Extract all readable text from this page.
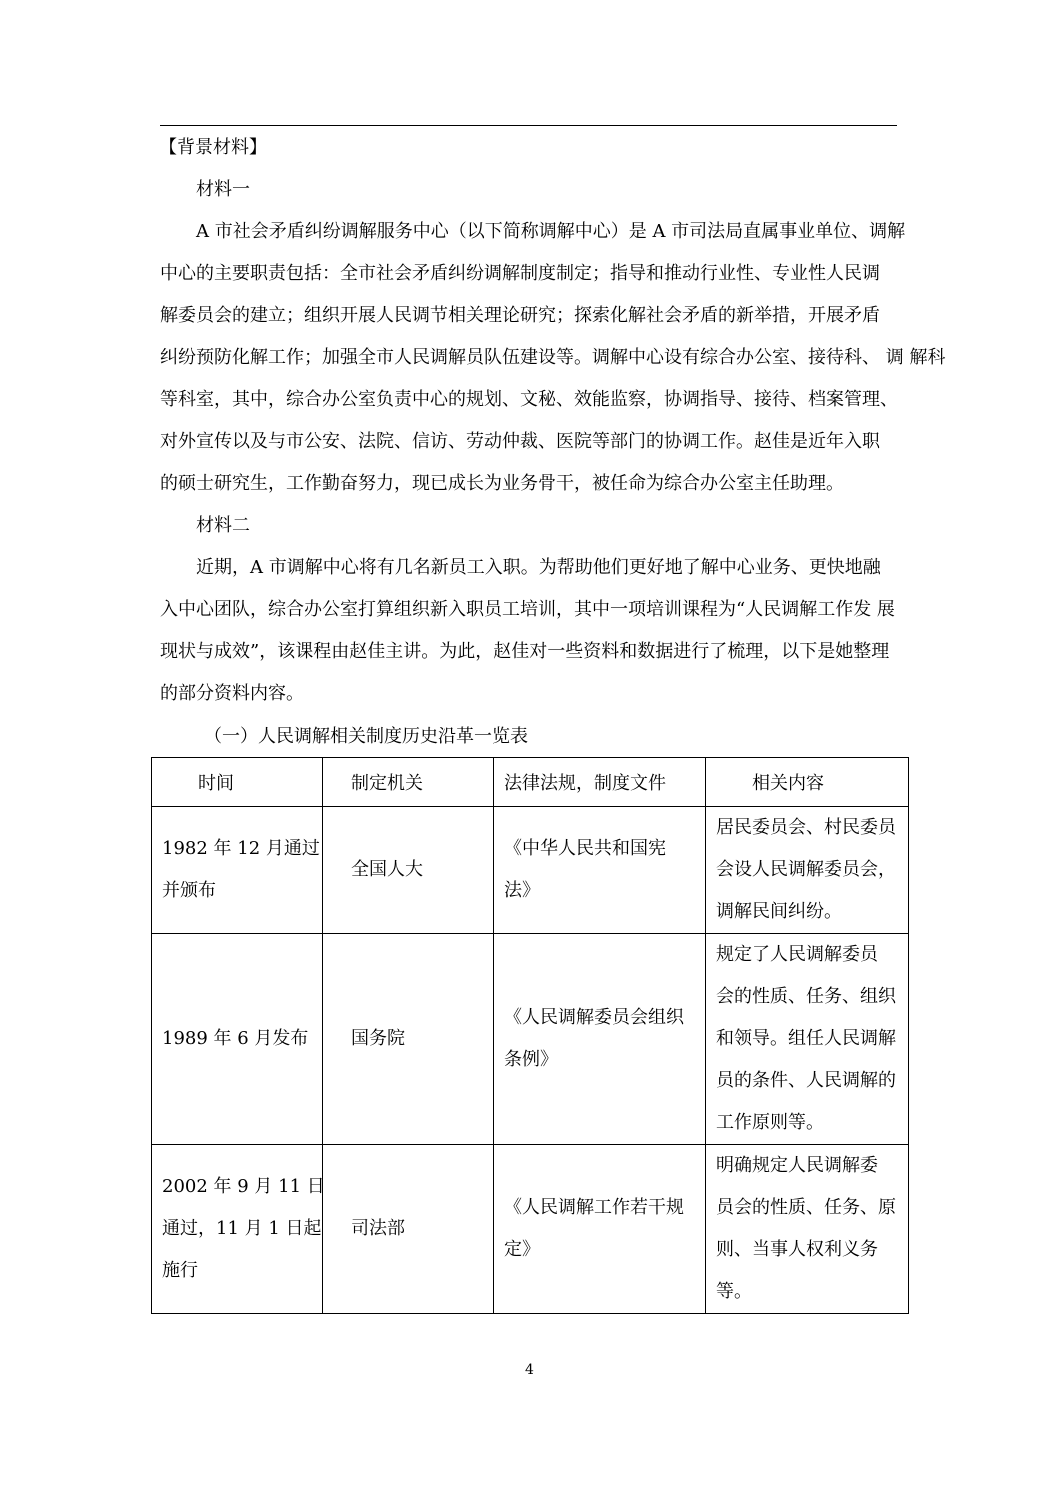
【背景材料】
材料一
A 市社会矛盾纠纷调解服务中心（以下简称调解中心）是 A 市司法局直属事业单位、调解
中心的主要职责包括：全市社会矛盾纠纷调解制度制定；指导和推动行业性、专业性人民调
解委员会的建立；组织开展人民调节相关理论研究；探索化解社会矛盾的新举措，开展矛盾
纠纷预防化解工作；加强全市人民调解员队伍建设等。调解中心设有综合办公室、接待科、 调 解科
等科室，其中，综合办公室负责中心的规划、文秘、效能监察，协调指导、接待、档案管理、
对外宣传以及与市公安、法院、信访、劳动仲裁、医院等部门的协调工作。赵佳是近年入职
的硕士研究生，工作勤奋努力，现已成长为业务骨干，被任命为综合办公室主任助理。
材料二
近期，A 市调解中心将有几名新员工入职。为帮助他们更好地了解中心业务、更快地融
入中心团队，综合办公室打算组织新入职员工培训，其中一项培训课程为“人民调解工作发 展
现状与成效”，该课程由赵佳主讲。为此，赵佳对一些资料和数据进行了梳理，以下是她整理
的部分资料内容。
（一）人民调解相关制度历史沿革一览表
时间	制定机关	法律法规，制度文件	相关内容

1982 年 12 月通过
并颁布	全国人大	《中华人民共和国宪
法》	居民委员会、村民委员
会设人民调解委员会，
调解民间纠纷。

1989 年 6 月发布	国务院	《人民调解委员会组织
条例》	规定了人民调解委员
会的性质、任务、组织
和领导。组任人民调解
员的条件、人民调解的
工作原则等。

2002 年 9 月 11 日
通过，11 月 1 日起
施行	司法部	《人民调解工作若干规
定》	明确规定人民调解委
员会的性质、任务、原
则、当事人权利义务
等。
4
